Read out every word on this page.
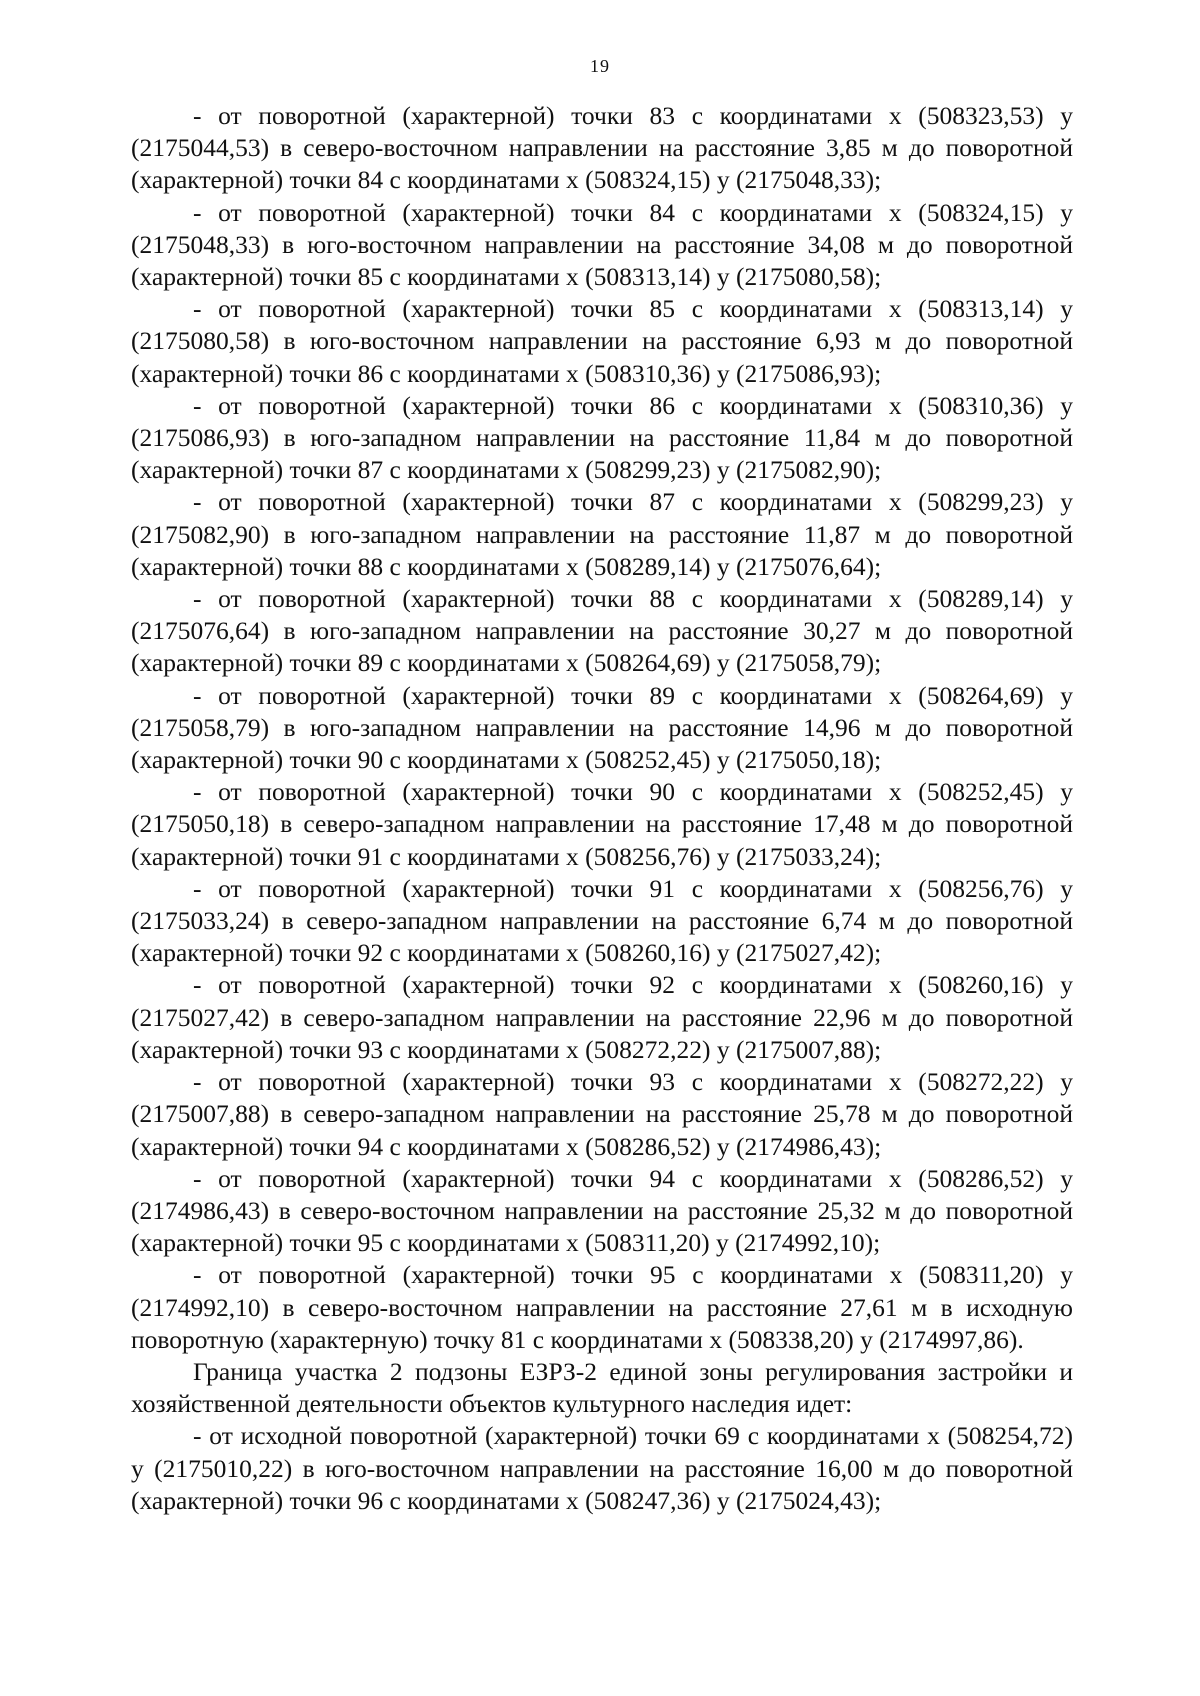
19

- от поворотной (характерной) точки 83 с координатами x (508323,53) y (2175044,53) в северо-восточном направлении на расстояние 3,85 м до поворотной (характерной) точки 84 с координатами x (508324,15) y (2175048,33);

- от поворотной (характерной) точки 84 с координатами x (508324,15) y (2175048,33) в юго-восточном направлении на расстояние 34,08 м до поворотной (характерной) точки 85 с координатами x (508313,14) y (2175080,58);

- от поворотной (характерной) точки 85 с координатами x (508313,14) y (2175080,58) в юго-восточном направлении на расстояние 6,93 м до поворотной (характерной) точки 86 с координатами x (508310,36) y (2175086,93);

- от поворотной (характерной) точки 86 с координатами x (508310,36) y (2175086,93) в юго-западном направлении на расстояние 11,84 м до поворотной (характерной) точки 87 с координатами x (508299,23) y (2175082,90);

- от поворотной (характерной) точки 87 с координатами x (508299,23) y (2175082,90) в юго-западном направлении на расстояние 11,87 м до поворотной (характерной) точки 88 с координатами x (508289,14) y (2175076,64);

- от поворотной (характерной) точки 88 с координатами x (508289,14) y (2175076,64) в юго-западном направлении на расстояние 30,27 м до поворотной (характерной) точки 89 с координатами x (508264,69) y (2175058,79);

- от поворотной (характерной) точки 89 с координатами x (508264,69) y (2175058,79) в юго-западном направлении на расстояние 14,96 м до поворотной (характерной) точки 90 с координатами x (508252,45) y (2175050,18);

- от поворотной (характерной) точки 90 с координатами x (508252,45) y (2175050,18) в северо-западном направлении на расстояние 17,48 м до поворотной (характерной) точки 91 с координатами x (508256,76) y (2175033,24);

- от поворотной (характерной) точки 91 с координатами x (508256,76) y (2175033,24) в северо-западном направлении на расстояние 6,74 м до поворотной (характерной) точки 92 с координатами x (508260,16) y (2175027,42);

- от поворотной (характерной) точки 92 с координатами x (508260,16) y (2175027,42) в северо-западном направлении на расстояние 22,96 м до поворотной (характерной) точки 93 с координатами x (508272,22) y (2175007,88);

- от поворотной (характерной) точки 93 с координатами x (508272,22) y (2175007,88) в северо-западном направлении на расстояние 25,78 м до поворотной (характерной) точки 94 с координатами x (508286,52) y (2174986,43);

- от поворотной (характерной) точки 94 с координатами x (508286,52) y (2174986,43) в северо-восточном направлении на расстояние 25,32 м до поворотной (характерной) точки 95 с координатами x (508311,20) y (2174992,10);

- от поворотной (характерной) точки 95 с координатами x (508311,20) y (2174992,10) в северо-восточном направлении на расстояние 27,61 м в исходную поворотную (характерную) точку 81 с координатами x (508338,20) y (2174997,86).

Граница участка 2 подзоны ЕЗРЗ-2 единой зоны регулирования застройки и хозяйственной деятельности объектов культурного наследия идет:

- от исходной поворотной (характерной) точки 69 с координатами x (508254,72) y (2175010,22) в юго-восточном направлении на расстояние 16,00 м до поворотной (характерной) точки 96 с координатами x (508247,36) y (2175024,43);
